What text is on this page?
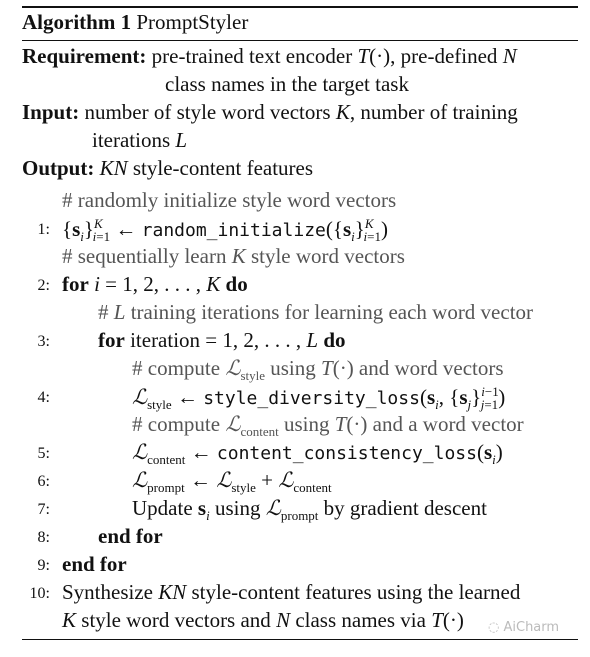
Algorithm 1 PromptStyler
Requirement: pre-trained text encoder T(·), pre-defined N
class names in the target task
Input: number of style word vectors K, number of training
iterations L
Output: KN style-content features
# randomly initialize style word vectors
1: $\{s_i\}^K_{i=1}$ ← $random\_initialize(\{s_i\}^K_{i=1})$
# sequentially learn K style word vectors
2: for i = 1, 2, . . . , K do
# L training iterations for learning each word vector
3: for iteration = 1, 2, . . . , L do
# compute ℒ$_{style}$ using T(·) and word vectors
4:	ℒ$_{style}$ ← $style\_diversity\_loss(s_i$, $\{s_j\}^{i-1}_{j=1}$)
# compute ℒ$_{content}$ using T(·) and a word vector
5:	ℒ$_{content}$ ← $content\_consistency\_loss(s_i)$
6:	ℒ$_{prompt}$ ← ℒ$_{style}$ + ℒ$_{content}$
7:	Update $s_i$ using ℒ$_{prompt}$ by gradient descent
8: end for
9: end for
10: Synthesize KN style-content features using the learned
K style word vectors and N class names via T(·) ◌ AiCharm
